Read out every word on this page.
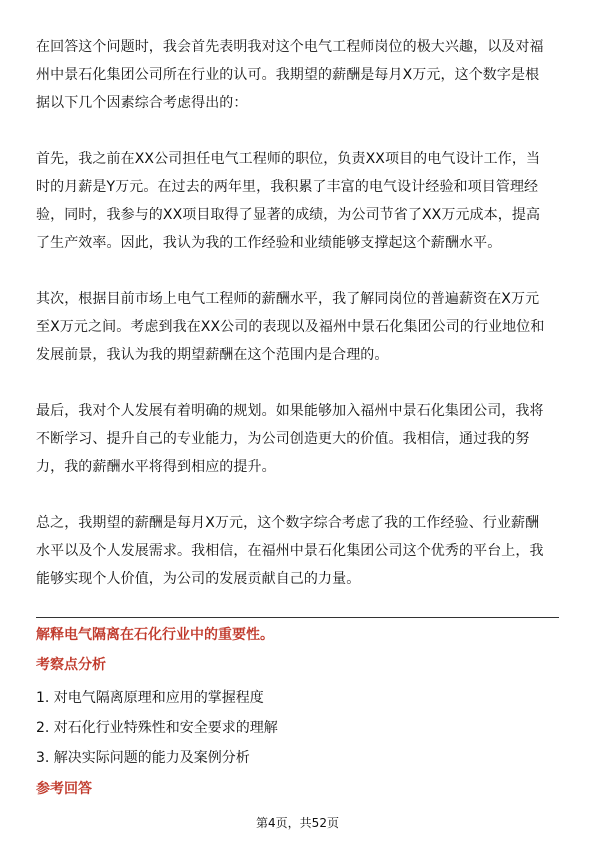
在回答这个问题时，我会首先表明我对这个电气工程师岗位的极大兴趣，以及对福
州中景石化集团公司所在行业的认可。我期望的薪酬是每月X万元，这个数字是根
据以下几个因素综合考虑得出的：
首先，我之前在XX公司担任电气工程师的职位，负责XX项目的电气设计工作，当
时的月薪是Y万元。在过去的两年里，我积累了丰富的电气设计经验和项目管理经
验，同时，我参与的XX项目取得了显著的成绩，为公司节省了XX万元成本，提高
了生产效率。因此，我认为我的工作经验和业绩能够支撑起这个薪酬水平。
其次，根据目前市场上电气工程师的薪酬水平，我了解同岗位的普遍薪资在X万元
至X万元之间。考虑到我在XX公司的表现以及福州中景石化集团公司的行业地位和
发展前景，我认为我的期望薪酬在这个范围内是合理的。
最后，我对个人发展有着明确的规划。如果能够加入福州中景石化集团公司，我将
不断学习、提升自己的专业能力，为公司创造更大的价值。我相信，通过我的努
力，我的薪酬水平将得到相应的提升。
总之，我期望的薪酬是每月X万元，这个数字综合考虑了我的工作经验、行业薪酬
水平以及个人发展需求。我相信，在福州中景石化集团公司这个优秀的平台上，我
能够实现个人价值，为公司的发展贡献自己的力量。
解释电气隔离在石化行业中的重要性。
考察点分析
1. 对电气隔离原理和应用的掌握程度
2. 对石化行业特殊性和安全要求的理解
3. 解决实际问题的能力及案例分析
参考回答
第4页，共52页
